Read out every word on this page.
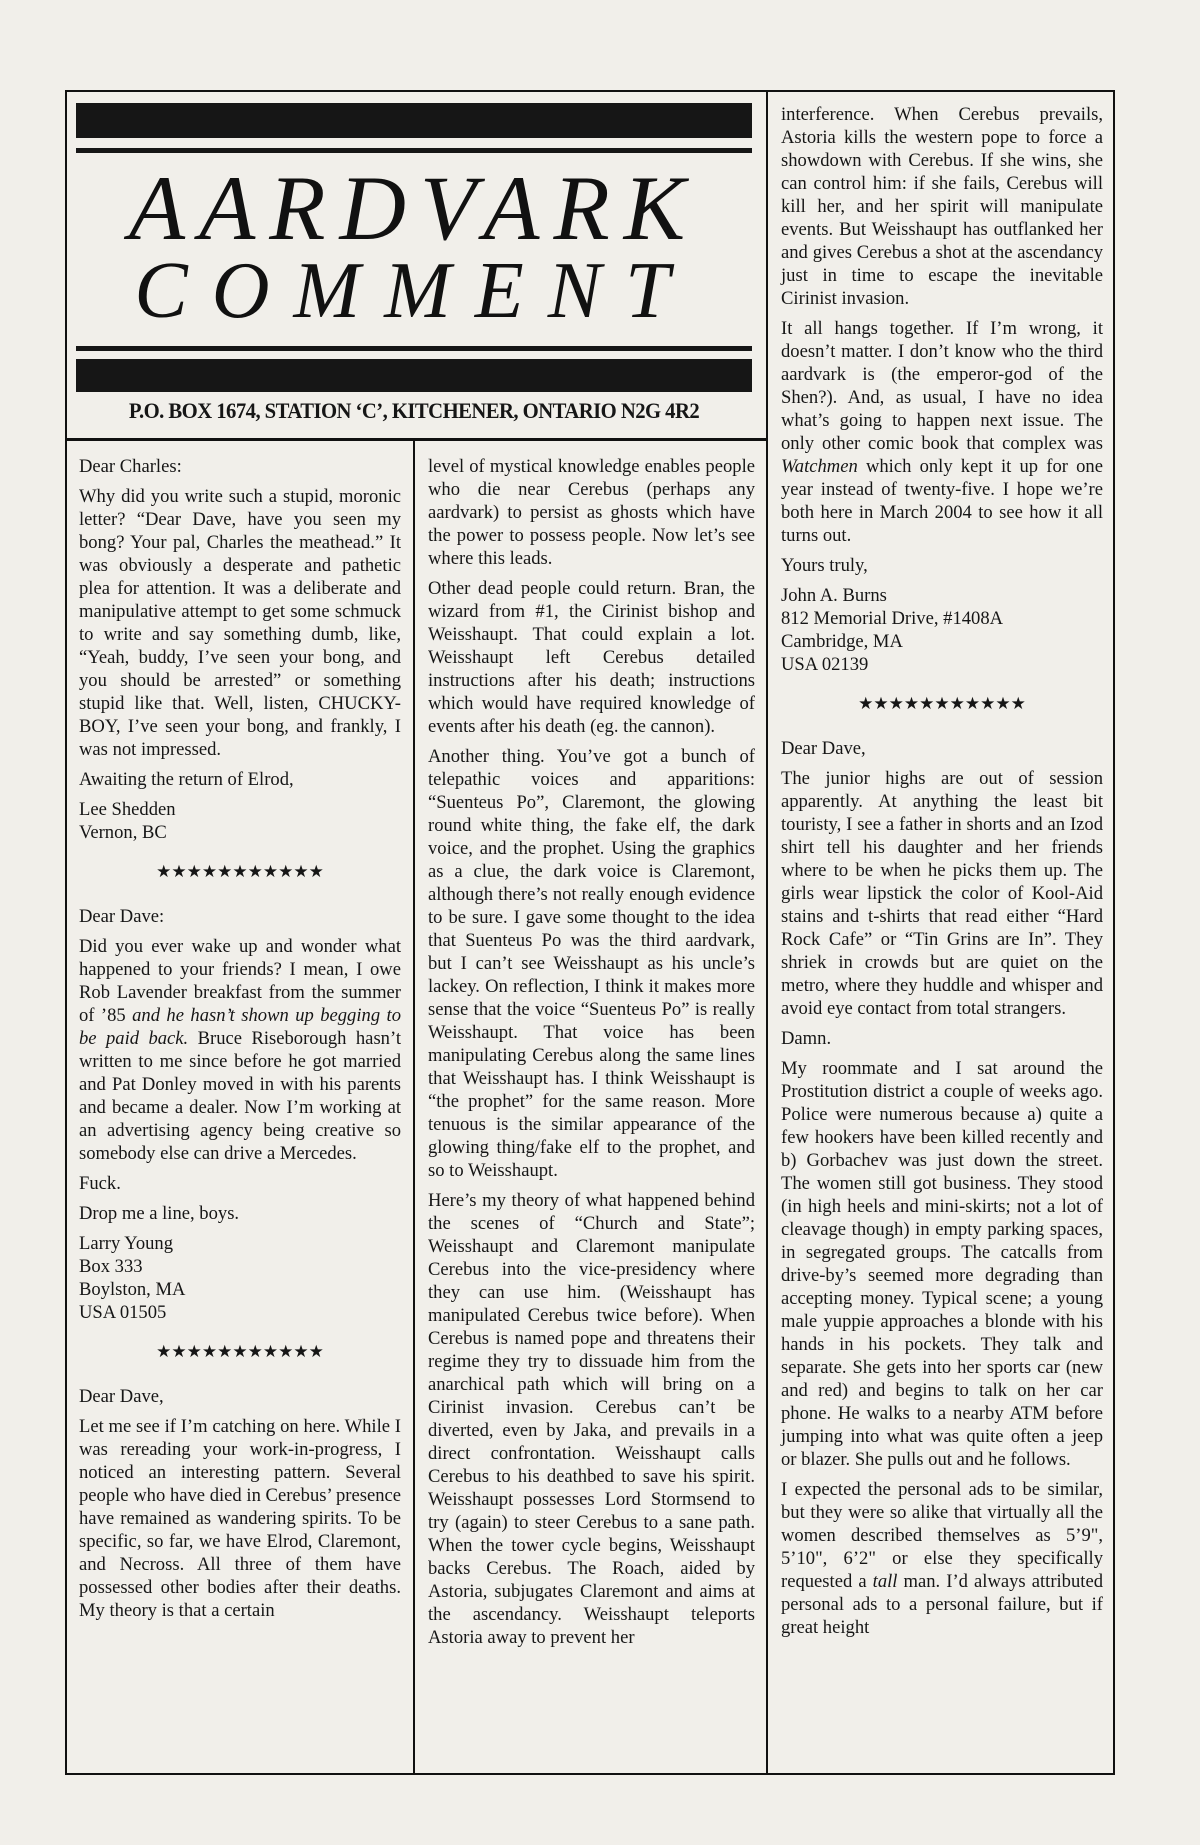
AARDVARK
COMMENT
P.O. BOX 1674, STATION ‘C’, KITCHENER, ONTARIO N2G 4R2

Dear Charles:

Why did you write such a stupid, moronic letter? “Dear Dave, have you seen my bong? Your pal, Charles the meathead.” It was obviously a desperate and pathetic plea for attention. It was a deliberate and manipulative attempt to get some schmuck to write and say something dumb, like, “Yeah, buddy, I’ve seen your bong, and you should be arrested” or something stupid like that. Well, listen, CHUCKY-BOY, I’ve seen your bong, and frankly, I was not impressed.

Awaiting the return of Elrod,

Lee Shedden
Vernon, BC
★★★★★★★★★★★

Dear Dave:

Did you ever wake up and wonder what happened to your friends? I mean, I owe Rob Lavender breakfast from the summer of ’85 and he hasn’t shown up begging to be paid back. Bruce Riseborough hasn’t written to me since before he got married and Pat Donley moved in with his parents and became a dealer. Now I’m working at an advertising agency being creative so somebody else can drive a Mercedes.

Fuck.

Drop me a line, boys.

Larry Young
Box 333
Boylston, MA
USA 01505
★★★★★★★★★★★

Dear Dave,

Let me see if I’m catching on here. While I was rereading your work-in-progress, I noticed an interesting pattern. Several people who have died in Cerebus’ presence have remained as wandering spirits. To be specific, so far, we have Elrod, Claremont, and Necross. All three of them have possessed other bodies after their deaths. My theory is that a certain

level of mystical knowledge enables people who die near Cerebus (perhaps any aardvark) to persist as ghosts which have the power to possess people. Now let’s see where this leads.

Other dead people could return. Bran, the wizard from #1, the Cirinist bishop and Weisshaupt. That could explain a lot. Weisshaupt left Cerebus detailed instructions after his death; instructions which would have required knowledge of events after his death (eg. the cannon).

Another thing. You’ve got a bunch of telepathic voices and apparitions: “Suenteus Po”, Claremont, the glowing round white thing, the fake elf, the dark voice, and the prophet. Using the graphics as a clue, the dark voice is Claremont, although there’s not really enough evidence to be sure. I gave some thought to the idea that Suenteus Po was the third aardvark, but I can’t see Weisshaupt as his uncle’s lackey. On reflection, I think it makes more sense that the voice “Suenteus Po” is really Weisshaupt. That voice has been manipulating Cerebus along the same lines that Weisshaupt has. I think Weisshaupt is “the prophet” for the same reason. More tenuous is the similar appearance of the glowing thing/fake elf to the prophet, and so to Weisshaupt.

Here’s my theory of what happened behind the scenes of “Church and State”; Weisshaupt and Claremont manipulate Cerebus into the vice-presidency where they can use him. (Weisshaupt has manipulated Cerebus twice before). When Cerebus is named pope and threatens their regime they try to dissuade him from the anarchical path which will bring on a Cirinist invasion. Cerebus can’t be diverted, even by Jaka, and prevails in a direct confrontation. Weisshaupt calls Cerebus to his deathbed to save his spirit. Weisshaupt possesses Lord Stormsend to try (again) to steer Cerebus to a sane path. When the tower cycle begins, Weisshaupt backs Cerebus. The Roach, aided by Astoria, subjugates Claremont and aims at the ascendancy. Weisshaupt teleports Astoria away to prevent her

interference. When Cerebus prevails, Astoria kills the western pope to force a showdown with Cerebus. If she wins, she can control him: if she fails, Cerebus will kill her, and her spirit will manipulate events. But Weisshaupt has outflanked her and gives Cerebus a shot at the ascendancy just in time to escape the inevitable Cirinist invasion.

It all hangs together. If I’m wrong, it doesn’t matter. I don’t know who the third aardvark is (the emperor-god of the Shen?). And, as usual, I have no idea what’s going to happen next issue. The only other comic book that complex was Watchmen which only kept it up for one year instead of twenty-five. I hope we’re both here in March 2004 to see how it all turns out.

Yours truly,

John A. Burns
812 Memorial Drive, #1408A
Cambridge, MA
USA 02139
★★★★★★★★★★★

Dear Dave,

The junior highs are out of session apparently. At anything the least bit touristy, I see a father in shorts and an Izod shirt tell his daughter and her friends where to be when he picks them up. The girls wear lipstick the color of Kool-Aid stains and t-shirts that read either “Hard Rock Cafe” or “Tin Grins are In”. They shriek in crowds but are quiet on the metro, where they huddle and whisper and avoid eye contact from total strangers.

Damn.

My roommate and I sat around the Prostitution district a couple of weeks ago. Police were numerous because a) quite a few hookers have been killed recently and b) Gorbachev was just down the street. The women still got business. They stood (in high heels and mini-skirts; not a lot of cleavage though) in empty parking spaces, in segregated groups. The catcalls from drive-by’s seemed more degrading than accepting money. Typical scene; a young male yuppie approaches a blonde with his hands in his pockets. They talk and separate. She gets into her sports car (new and red) and begins to talk on her car phone. He walks to a nearby ATM before jumping into what was quite often a jeep or blazer. She pulls out and he follows.

I expected the personal ads to be similar, but they were so alike that virtually all the women described themselves as 5’9", 5’10", 6’2" or else they specifically requested a tall man. I’d always attributed personal ads to a personal failure, but if great height
